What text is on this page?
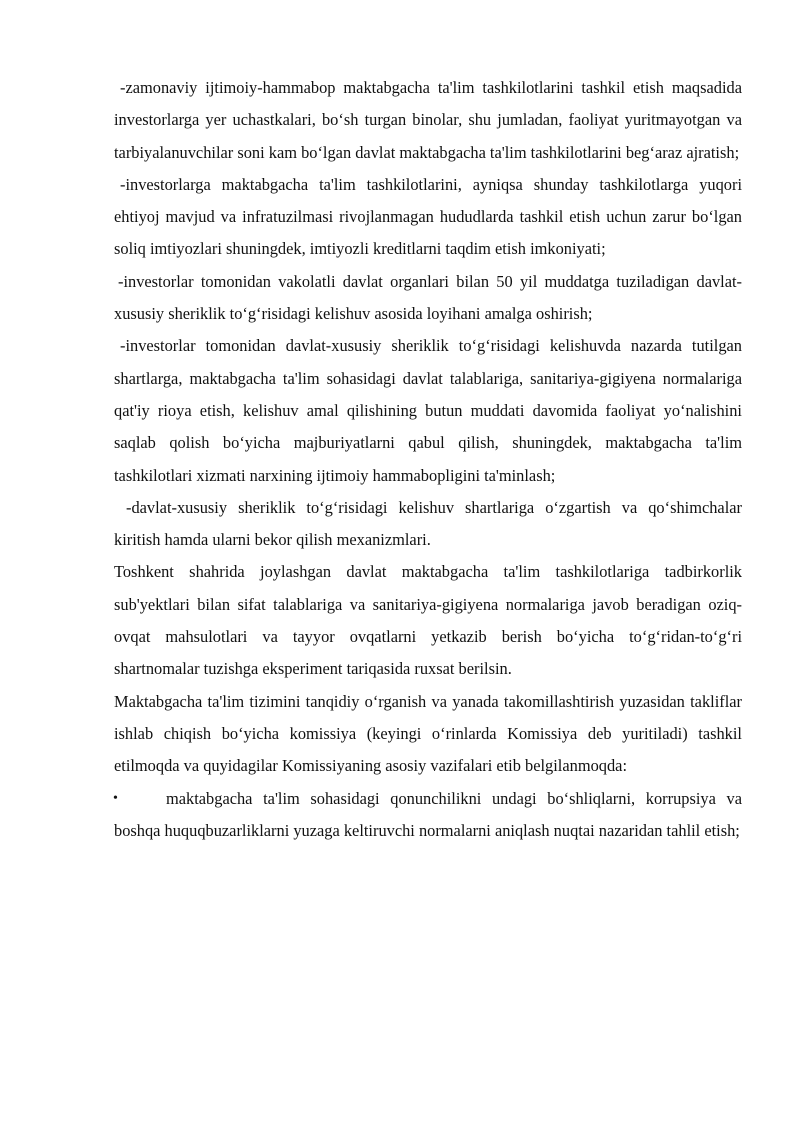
-zamonaviy ijtimoiy-hammabop maktabgacha ta'lim tashkilotlarini tashkil etish maqsadida investorlarga yer uchastkalari, bo‘sh turgan binolar, shu jumladan, faoliyat yuritmayotgan va tarbiyalanuvchilar soni kam bo‘lgan davlat maktabgacha ta'lim tashkilotlarini beg‘araz ajratish;

-investorlarga maktabgacha ta'lim tashkilotlarini, ayniqsa shunday tashkilotlarga yuqori ehtiyoj mavjud va infratuzilmasi rivojlanmagan hududlarda tashkil etish uchun zarur bo‘lgan soliq imtiyozlari shuningdek, imtiyozli kreditlarni taqdim etish imkoniyati;

-investorlar tomonidan vakolatli davlat organlari bilan 50 yil muddatga tuziladigan davlat-xususiy sheriklik to‘g‘risidagi kelishuv asosida loyihani amalga oshirish;

-investorlar tomonidan davlat-xususiy sheriklik to‘g‘risidagi kelishuvda nazarda tutilgan shartlarga, maktabgacha ta'lim sohasidagi davlat talablariga, sanitariya-gigiyena normalariga qat'iy rioya etish, kelishuv amal qilishining butun muddati davomida faoliyat yo‘nalishini saqlab qolish bo‘yicha majburiyatlarni qabul qilish, shuningdek, maktabgacha ta'lim tashkilotlari xizmati narxining ijtimoiy hammabopligini ta'minlash;

-davlat-xususiy sheriklik to‘g‘risidagi kelishuv shartlariga o‘zgartish va qo‘shimchalar kiritish hamda ularni bekor qilish mexanizmlari.

Toshkent shahrida joylashgan davlat maktabgacha ta'lim tashkilotlariga tadbirkorlik sub'yektlari bilan sifat talablariga va sanitariya-gigiyena normalariga javob beradigan oziq-ovqat mahsulotlari va tayyor ovqatlarni yetkazib berish bo‘yicha to‘g‘ridan-to‘g‘ri shartnomalar tuzishga eksperiment tariqasida ruxsat berilsin.

Maktabgacha ta'lim tizimini tanqidiy o‘rganish va yanada takomillashtirish yuzasidan takliflar ishlab chiqish bo‘yicha komissiya (keyingi o‘rinlarda Komissiya deb yuritiladi) tashkil etilmoqda va quyidagilar Komissiyaning asosiy vazifalari etib belgilanmoqda:

•	maktabgacha ta'lim sohasidagi qonunchilikni undagi bo‘shliqlarni, korrupsiya va boshqa huquqbuzarliklarni yuzaga keltiruvchi normalarni aniqlash nuqtai nazaridan tahlil etish;
